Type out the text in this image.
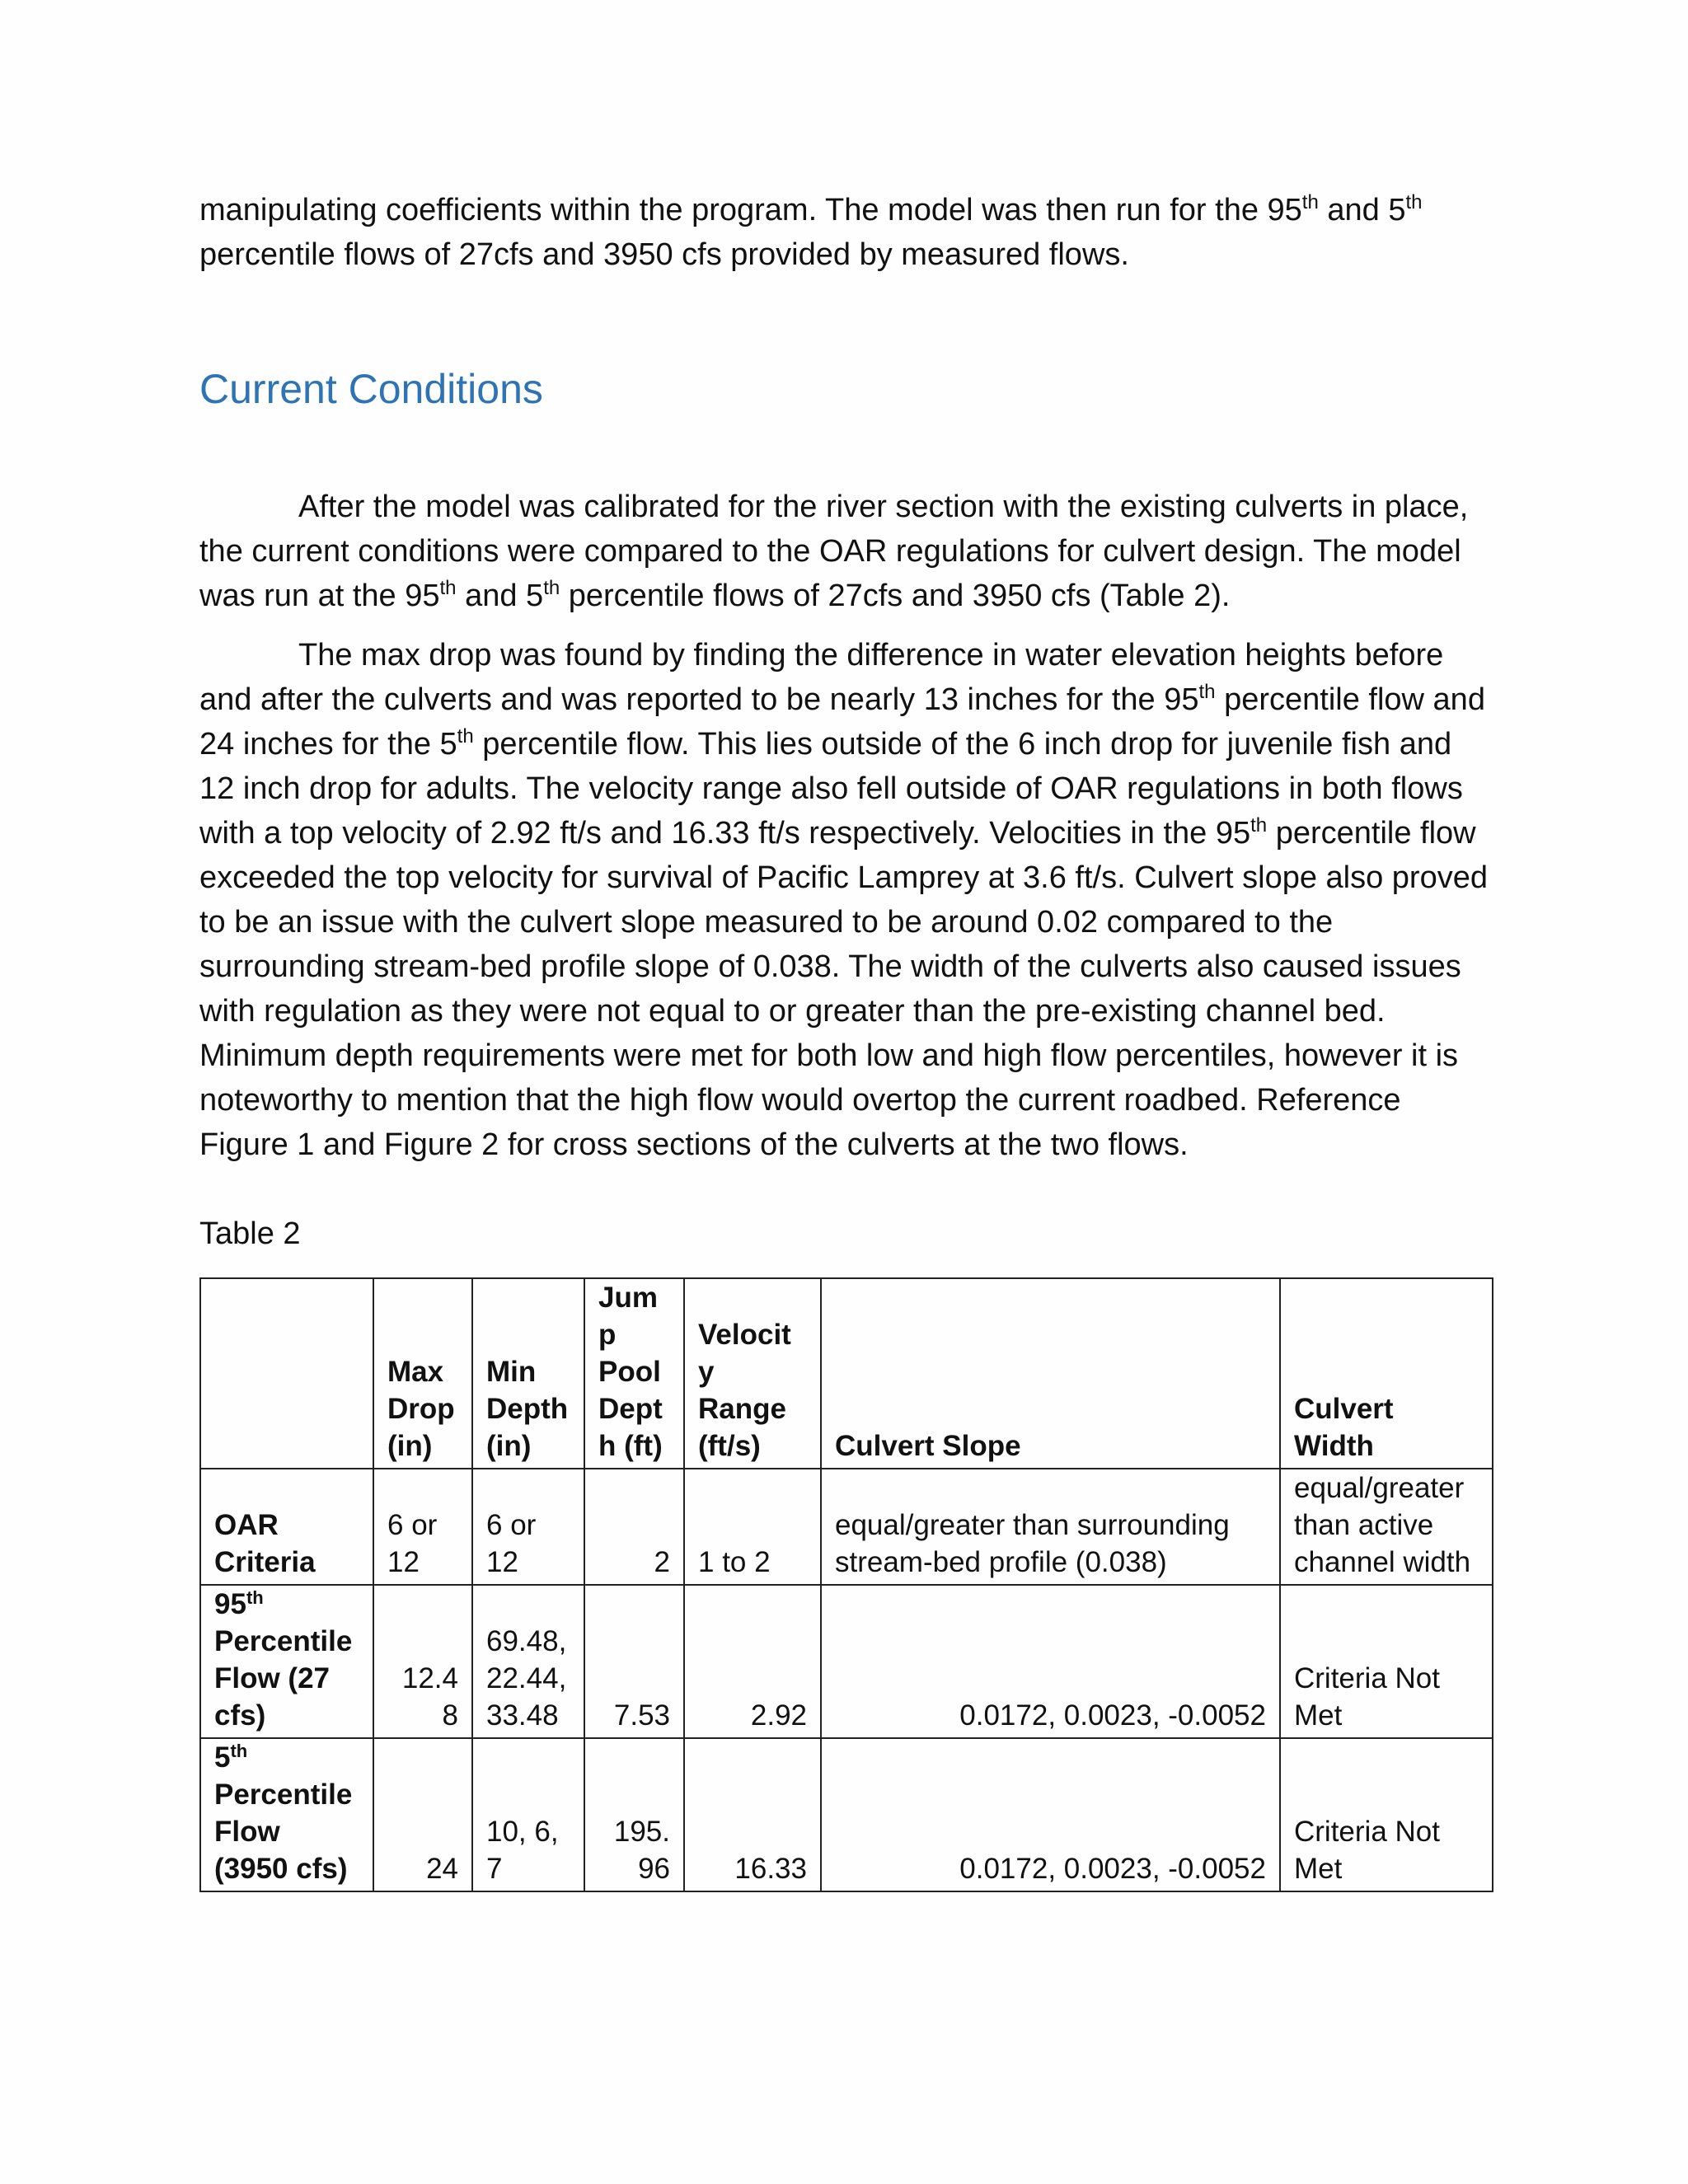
manipulating coefficients within the program. The model was then run for the 95th and 5th
percentile flows of 27cfs and 3950 cfs provided by measured flows.

Current Conditions

After the model was calibrated for the river section with the existing culverts in place, the current conditions were compared to the OAR regulations for culvert design. The model was run at the 95th and 5th percentile flows of 27cfs and 3950 cfs (Table 2).

The max drop was found by finding the difference in water elevation heights before and after the culverts and was reported to be nearly 13 inches for the 95th percentile flow and 24 inches for the 5th percentile flow. This lies outside of the 6 inch drop for juvenile fish and 12 inch drop for adults. The velocity range also fell outside of OAR regulations in both flows with a top velocity of 2.92 ft/s and 16.33 ft/s respectively. Velocities in the 95th percentile flow exceeded the top velocity for survival of Pacific Lamprey at 3.6 ft/s. Culvert slope also proved to be an issue with the culvert slope measured to be around 0.02 compared to the surrounding stream-bed profile slope of 0.038. The width of the culverts also caused issues with regulation as they were not equal to or greater than the pre-existing channel bed. Minimum depth requirements were met for both low and high flow percentiles, however it is noteworthy to mention that the high flow would overtop the current roadbed. Reference Figure 1 and Figure 2 for cross sections of the culverts at the two flows.

Table 2

	Max Drop (in)	Min Depth (in)	Jump Pool Depth (ft)	Velocity Range (ft/s)	Culvert Slope	Culvert Width
OAR Criteria	6 or 12	6 or 12	2	1 to 2	equal/greater than surrounding stream-bed profile (0.038)	equal/greater than active channel width
95th Percentile Flow (27 cfs)	12.48	69.48, 22.44, 33.48	7.53	2.92	0.0172, 0.0023, -0.0052	Criteria Not Met
5th Percentile Flow (3950 cfs)	24	10, 6, 7	195.96	16.33	0.0172, 0.0023, -0.0052	Criteria Not Met
